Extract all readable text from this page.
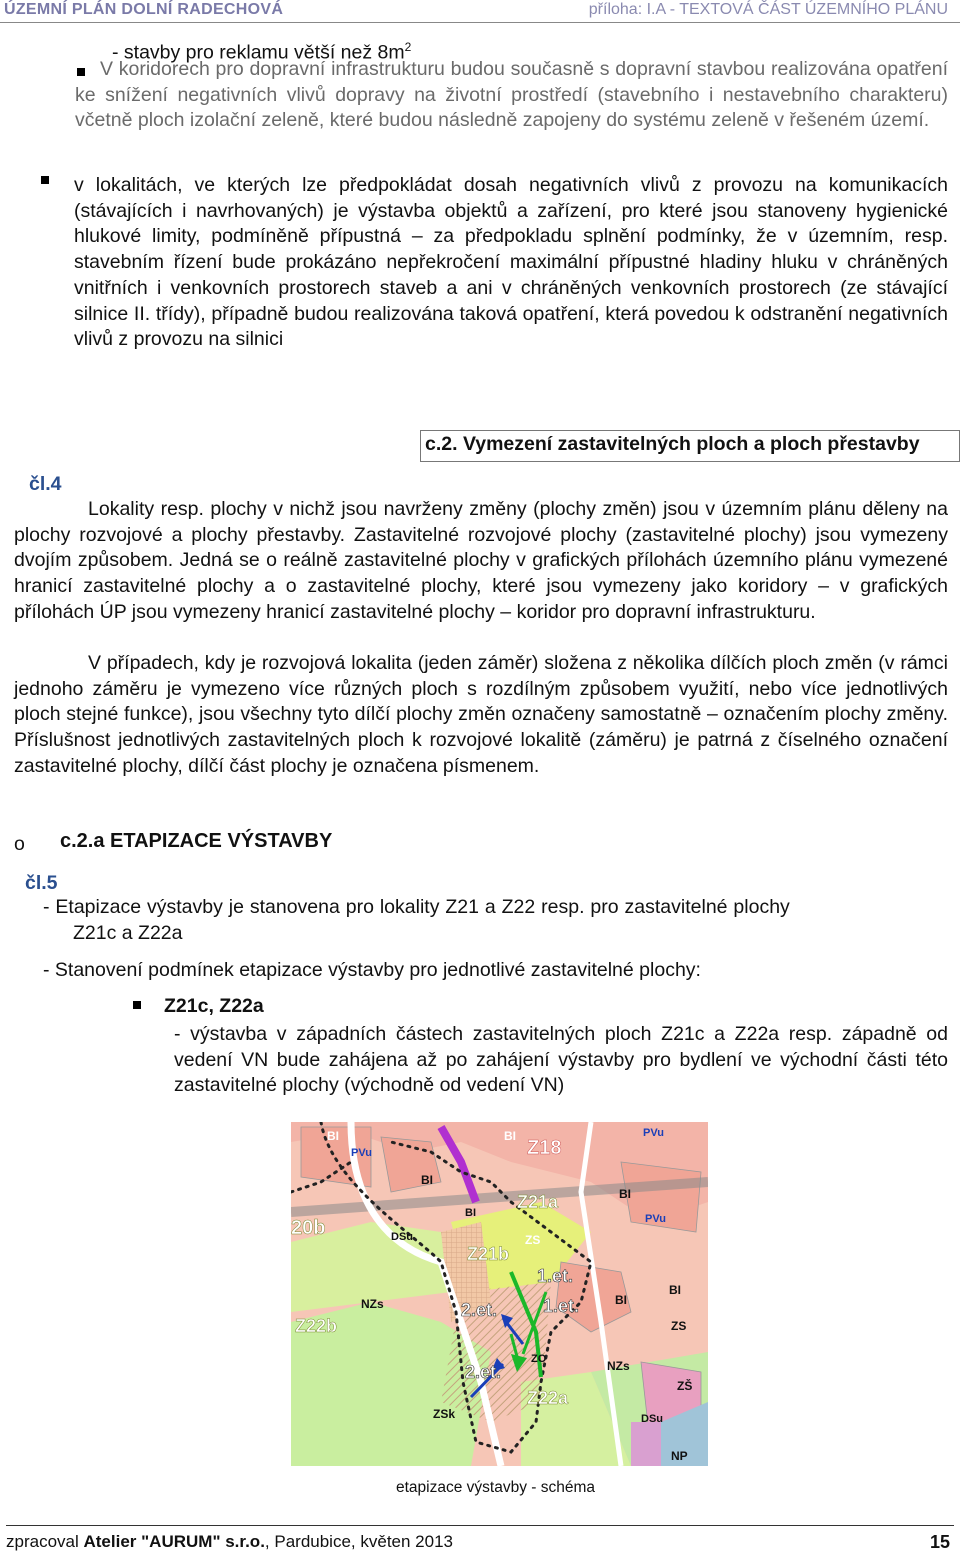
ÚZEMNÍ PLÁN DOLNÍ RADECHOVÁ	příloha: I.A - TEXTOVÁ ČÁST ÚZEMNÍHO PLÁNU
- stavby pro reklamu větší než $8m^2$
V koridorech pro dopravní infrastrukturu budou současně s dopravní stavbou realizována opatření ke snížení negativních vlivů dopravy na životní prostředí (stavebního i nestavebního charakteru) včetně ploch izolační zeleně, které budou následně zapojeny do systému zeleně v řešeném území.
v lokalitách, ve kterých lze předpokládat dosah negativních vlivů z provozu na komunikacích (stávajících i navrhovaných) je výstavba objektů a zařízení, pro které jsou stanoveny hygienické hlukové limity, podmíněně přípustná – za předpokladu splnění podmínky, že v územním, resp. stavebním řízení bude prokázáno nepřekročení maximální přípustné hladiny hluku v chráněných vnitřních i venkovních prostorech staveb a ani v chráněných venkovních prostorech (ze stávající silnice II. třídy), případně budou realizována taková opatření, která povedou k odstranění negativních vlivů z provozu na silnici
c.2. Vymezení zastavitelných ploch a ploch přestavby
čl.4
Lokality resp. plochy v nichž jsou navrženy změny (plochy změn) jsou v územním plánu děleny na plochy rozvojové a plochy přestavby. Zastavitelné rozvojové plochy (zastavitelné plochy) jsou vymezeny dvojím způsobem. Jedná se o reálně zastavitelné plochy v grafických přílohách územního plánu vymezené hranicí zastavitelné plochy a o zastavitelné plochy, které jsou vymezeny jako koridory – v grafických přílohách ÚP jsou vymezeny hranicí zastavitelné plochy – koridor pro dopravní infrastrukturu.
V případech, kdy je rozvojová lokalita (jeden záměr) složena z několika dílčích ploch změn (v rámci jednoho záměru je vymezeno více různých ploch s rozdílným způsobem využití, nebo více jednotlivých ploch stejné funkce), jsou všechny tyto dílčí plochy změn označeny samostatně – označením plochy změny. Příslušnost jednotlivých zastavitelných ploch k rozvojové lokalitě (záměru) je patrná z číselného označení zastavitelné plochy, dílčí část plochy je označena písmenem.
o c.2.a ETAPIZACE VÝSTAVBY
čl.5
- Etapizace výstavby je stanovena pro lokality Z21 a Z22 resp. pro zastavitelné plochy
Z21c a Z22a
- Stanovení podmínek etapizace výstavby pro jednotlivé zastavitelné plochy:
Z21c, Z22a
- výstavba v západních částech zastavitelných ploch Z21c a Z22a resp. západně od vedení VN bude zahájena až po zahájení výstavby pro bydlení ve východní části této zastavitelné plochy (východně od vedení VN)
BI
PVu
BI	PVu
Z18
BI
Z21a	BI
PVu
BI
20b	DSu	ZS
Z21b
1.et.
1.et.
2.et.
2.et.
NZs	BI
Z22b
BI
ZS
ZO	NZs
ZŠ
Z22a
ZSk	DSu
NP
etapizace výstavby - schéma
zpracoval Atelier "AURUM" s.r.o., Pardubice, květen 2013	15
